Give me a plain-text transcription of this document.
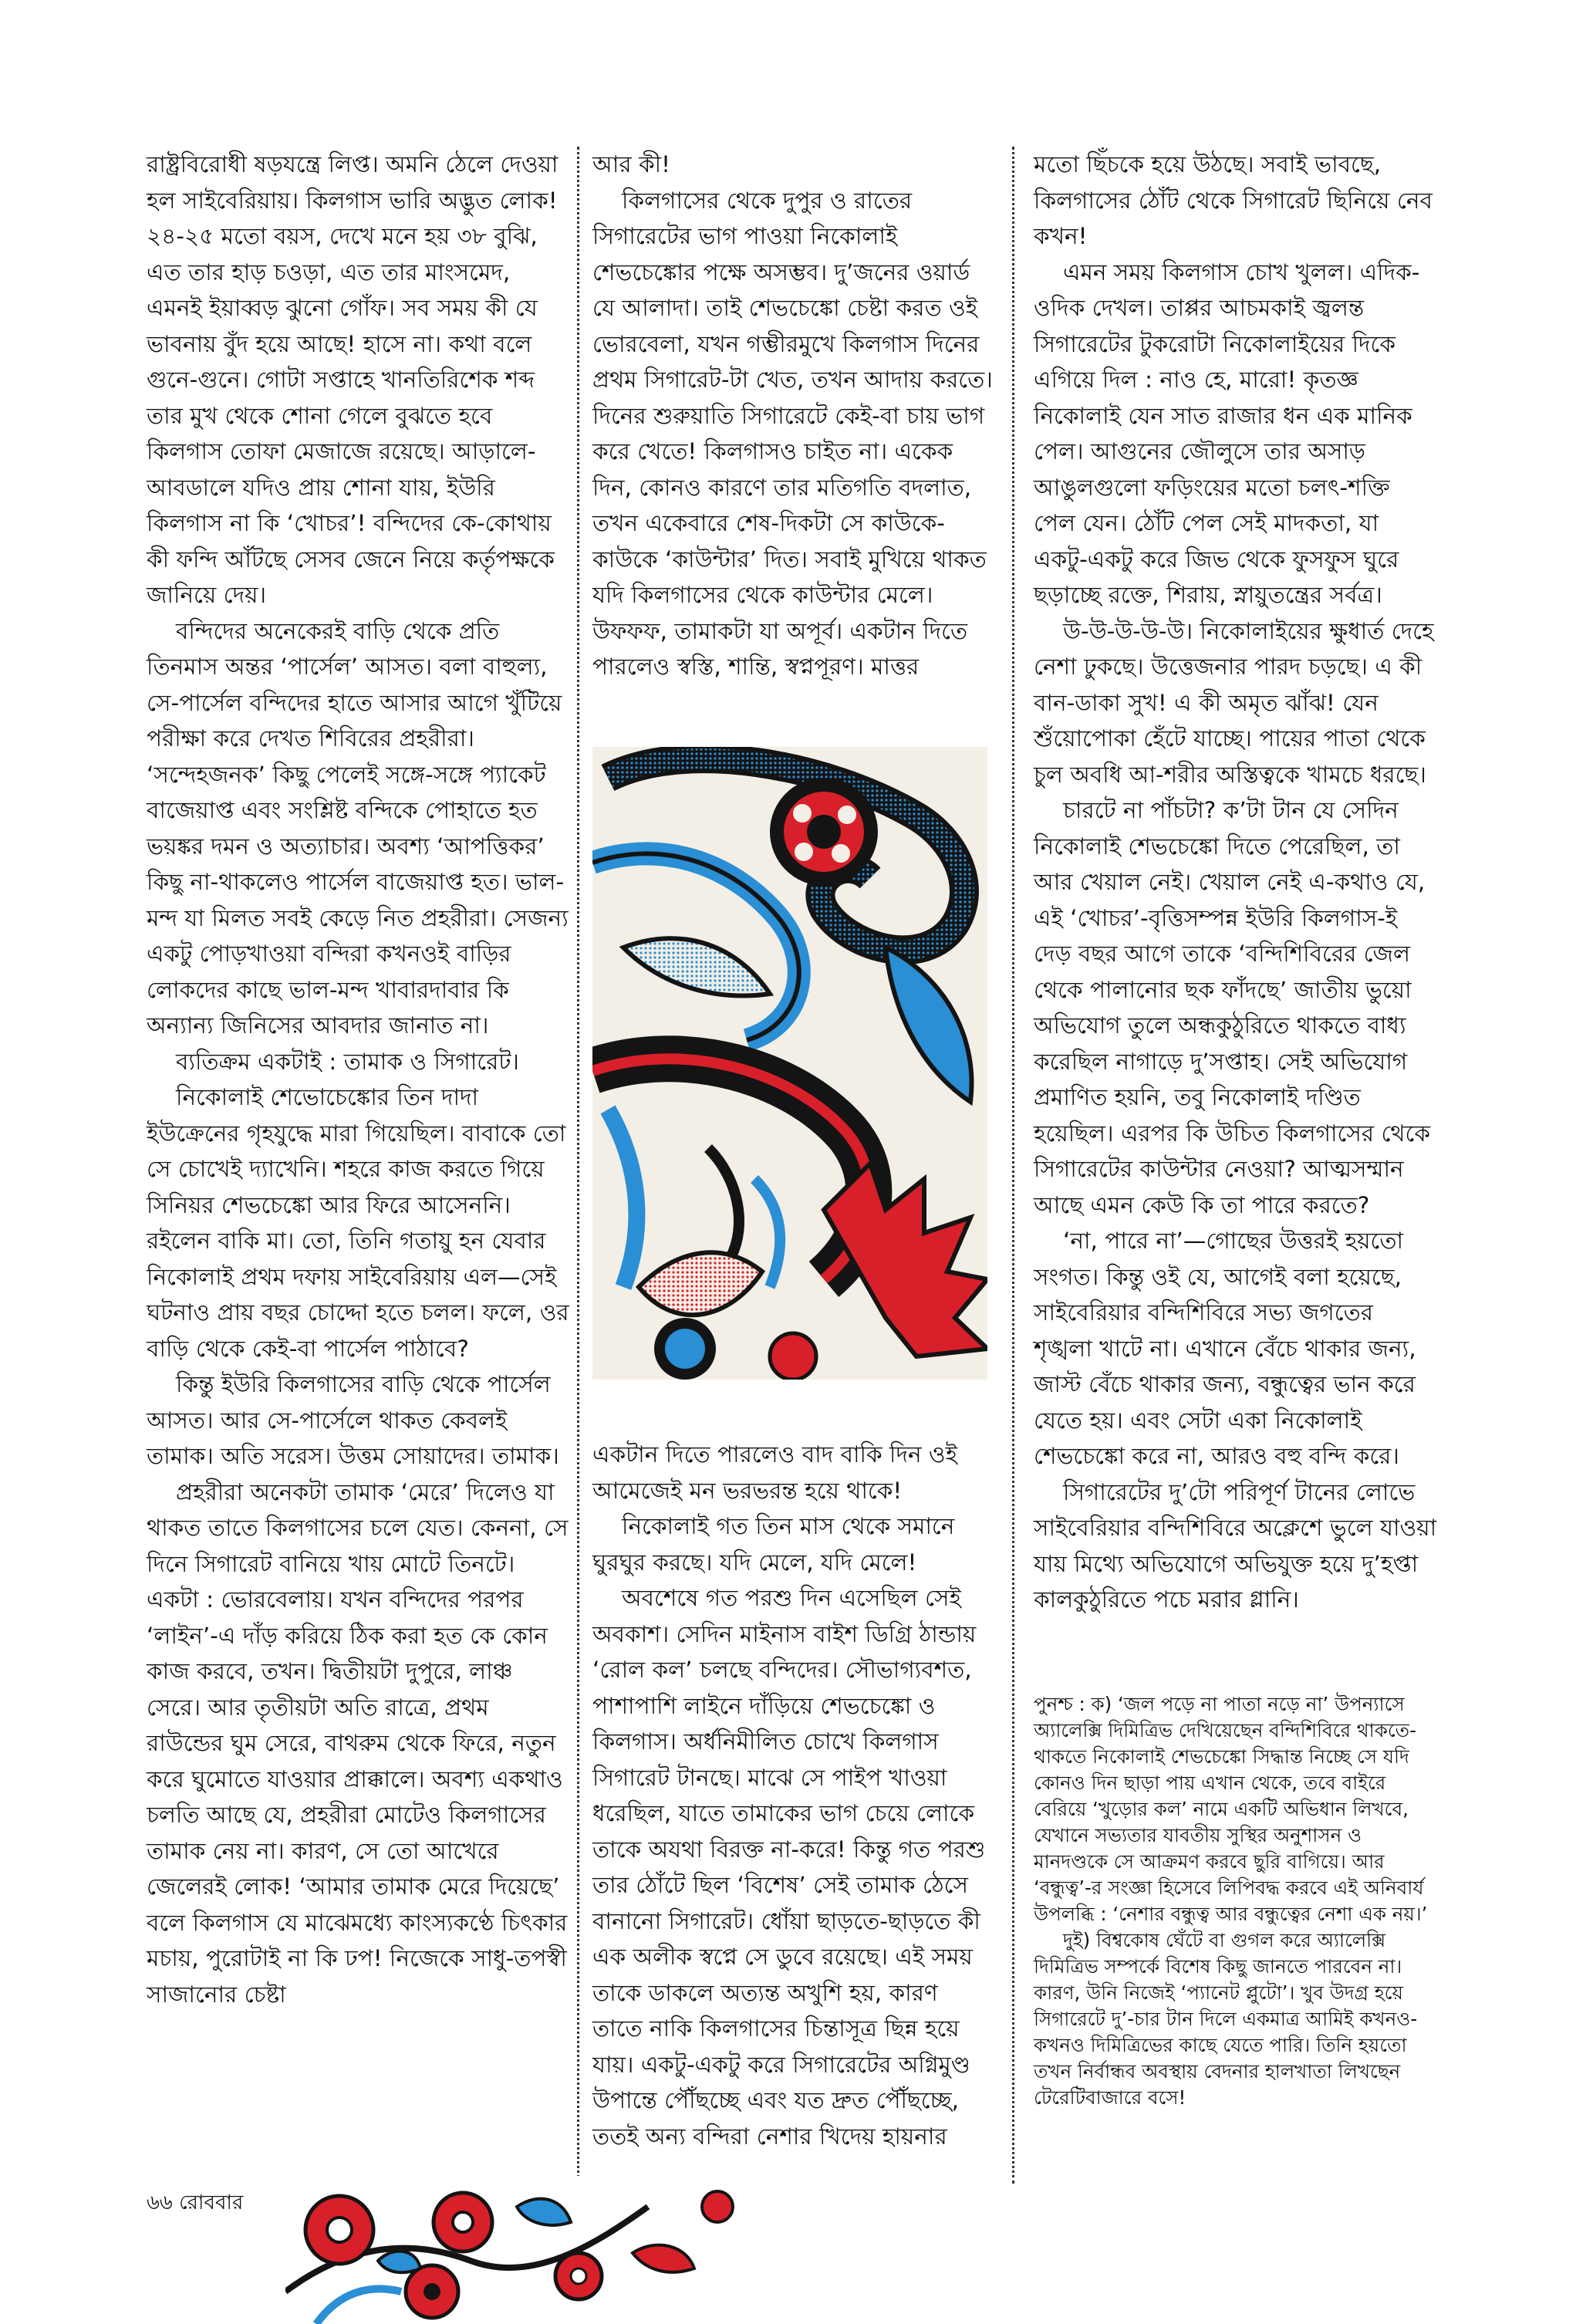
রাষ্ট্রবিরোধী ষড়যন্ত্রে লিপ্ত। অমনি ঠেলে দেওয়া হল সাইবেরিয়ায়। কিলগাস ভারি অদ্ভুত লোক! ২৪-২৫ মতো বয়স, দেখে মনে হয় ৩৮ বুঝি, এত তার হাড় চওড়া, এত তার মাংসমেদ, এমনই ইয়াব্বড় ঝুনো গোঁফ। সব সময় কী যে ভাবনায় বুঁদ হয়ে আছে! হাসে না। কথা বলে গুনে-গুনে। গোটা সপ্তাহে খানতিরিশেক শব্দ তার মুখ থেকে শোনা গেলে বুঝতে হবে কিলগাস তোফা মেজাজে রয়েছে। আড়ালে-আবডালে যদিও প্রায় শোনা যায়, ইউরি কিলগাস না কি ‘খোচর’! বন্দিদের কে-কোথায় কী ফন্দি আঁটছে সেসব জেনে নিয়ে কর্তৃপক্ষকে জানিয়ে দেয়।

বন্দিদের অনেকেরই বাড়ি থেকে প্রতি তিনমাস অন্তর ‘পার্সেল’ আসত। বলা বাহুল্য, সে-পার্সেল বন্দিদের হাতে আসার আগে খুঁটিয়ে পরীক্ষা করে দেখত শিবিরের প্রহরীরা। ‘সন্দেহজনক’ কিছু পেলেই সঙ্গে-সঙ্গে প্যাকেট বাজেয়াপ্ত এবং সংশ্লিষ্ট বন্দিকে পোহাতে হত ভয়ঙ্কর দমন ও অত্যাচার। অবশ্য ‘আপত্তিকর’ কিছু না-থাকলেও পার্সেল বাজেয়াপ্ত হত। ভাল-মন্দ যা মিলত সবই কেড়ে নিত প্রহরীরা। সেজন্য একটু পোড়খাওয়া বন্দিরা কখনওই বাড়ির লোকদের কাছে ভাল-মন্দ খাবারদাবার কি অন্যান্য জিনিসের আবদার জানাত না।

ব্যতিক্রম একটাই : তামাক ও সিগারেট।

নিকোলাই শেভোচেঙ্কোর তিন দাদা ইউক্রেনের গৃহযুদ্ধে মারা গিয়েছিল। বাবাকে তো সে চোখেই দ্যাখেনি। শহরে কাজ করতে গিয়ে সিনিয়র শেভচেঙ্কো আর ফিরে আসেননি। রইলেন বাকি মা। তো, তিনি গতায়ু হন যেবার নিকোলাই প্রথম দফায় সাইবেরিয়ায় এল—সেই ঘটনাও প্রায় বছর চোদ্দো হতে চলল। ফলে, ওর বাড়ি থেকে কেই-বা পার্সেল পাঠাবে?

কিন্তু ইউরি কিলগাসের বাড়ি থেকে পার্সেল আসত। আর সে-পার্সেলে থাকত কেবলই তামাক। অতি সরেস। উত্তম সোয়াদের। তামাক।

প্রহরীরা অনেকটা তামাক ‘মেরে’ দিলেও যা থাকত তাতে কিলগাসের চলে যেত। কেননা, সে দিনে সিগারেট বানিয়ে খায় মোটে তিনটে। একটা : ভোরবেলায়। যখন বন্দিদের পরপর ‘লাইন’-এ দাঁড় করিয়ে ঠিক করা হত কে কোন কাজ করবে, তখন। দ্বিতীয়টা দুপুরে, লাঞ্চ সেরে। আর তৃতীয়টা অতি রাত্রে, প্রথম রাউন্ডের ঘুম সেরে, বাথরুম থেকে ফিরে, নতুন করে ঘুমোতে যাওয়ার প্রাক্কালে। অবশ্য একথাও চলতি আছে যে, প্রহরীরা মোটেও কিলগাসের তামাক নেয় না। কারণ, সে তো আখেরে জেলেরই লোক! ‘আমার তামাক মেরে দিয়েছে’ বলে কিলগাস যে মাঝেমধ্যে কাংস্যকণ্ঠে চিৎকার মচায়, পুরোটাই না কি ঢপ! নিজেকে সাধু-তপস্বী সাজানোর চেষ্টা

আর কী!

কিলগাসের থেকে দুপুর ও রাতের সিগারেটের ভাগ পাওয়া নিকোলাই শেভচেঙ্কোর পক্ষে অসম্ভব। দু’জনের ওয়ার্ড যে আলাদা। তাই শেভচেঙ্কো চেষ্টা করত ওই ভোরবেলা, যখন গম্ভীরমুখে কিলগাস দিনের প্রথম সিগারেট-টা খেত, তখন আদায় করতে। দিনের শুরুয়াতি সিগারেটে কেই-বা চায় ভাগ করে খেতে! কিলগাসও চাইত না। একেক দিন, কোনও কারণে তার মতিগতি বদলাত, তখন একেবারে শেষ-দিকটা সে কাউকে-কাউকে ‘কাউন্টার’ দিত। সবাই মুখিয়ে থাকত যদি কিলগাসের থেকে কাউন্টার মেলে। উফফফ, তামাকটা যা অপূর্ব। একটান দিতে পারলেও স্বস্তি, শান্তি, স্বপ্নপূরণ। মাত্তর

একটান দিতে পারলেও বাদ বাকি দিন ওই আমেজেই মন ভরভরন্ত হয়ে থাকে!

নিকোলাই গত তিন মাস থেকে সমানে ঘুরঘুর করছে। যদি মেলে, যদি মেলে!

অবশেষে গত পরশু দিন এসেছিল সেই অবকাশ। সেদিন মাইনাস বাইশ ডিগ্রি ঠান্ডায় ‘রোল কল’ চলছে বন্দিদের। সৌভাগ্যবশত, পাশাপাশি লাইনে দাঁড়িয়ে শেভচেঙ্কো ও কিলগাস। অর্ধনিমীলিত চোখে কিলগাস সিগারেট টানছে। মাঝে সে পাইপ খাওয়া ধরেছিল, যাতে তামাকের ভাগ চেয়ে লোকে তাকে অযথা বিরক্ত না-করে! কিন্তু গত পরশু তার ঠোঁটে ছিল ‘বিশেষ’ সেই তামাক ঠেসে বানানো সিগারেট। ধোঁয়া ছাড়তে-ছাড়তে কী এক অলীক স্বপ্নে সে ডুবে রয়েছে। এই সময় তাকে ডাকলে অত্যন্ত অখুশি হয়, কারণ তাতে নাকি কিলগাসের চিন্তাসূত্র ছিন্ন হয়ে যায়। একটু-একটু করে সিগারেটের অগ্নিমুণ্ড উপান্তে পৌঁছচ্ছে এবং যত দ্রুত পৌঁছচ্ছে, ততই অন্য বন্দিরা নেশার খিদেয় হায়নার

মতো ছিঁচকে হয়ে উঠছে। সবাই ভাবছে, কিলগাসের ঠোঁট থেকে সিগারেট ছিনিয়ে নেব কখন!

এমন সময় কিলগাস চোখ খুলল। এদিক-ওদিক দেখল। তাপ্পর আচমকাই জ্বলন্ত সিগারেটের টুকরোটা নিকোলাইয়ের দিকে এগিয়ে দিল : নাও হে, মারো! কৃতজ্ঞ নিকোলাই যেন সাত রাজার ধন এক মানিক পেল। আগুনের জৌলুসে তার অসাড় আঙুলগুলো ফড়িংয়ের মতো চলৎ-শক্তি পেল যেন। ঠোঁট পেল সেই মাদকতা, যা একটু-একটু করে জিভ থেকে ফুসফুস ঘুরে ছড়াচ্ছে রক্তে, শিরায়, স্নায়ুতন্ত্রের সর্বত্র।

উ-উ-উ-উ-উ। নিকোলাইয়ের ক্ষুধার্ত দেহে নেশা ঢুকছে। উত্তেজনার পারদ চড়ছে। এ কী বান-ডাকা সুখ! এ কী অমৃত ঝাঁঝ! যেন শুঁয়োপোকা হেঁটে যাচ্ছে। পায়ের পাতা থেকে চুল অবধি আ-শরীর অস্তিত্বকে খামচে ধরছে।

চারটে না পাঁচটা? ক’টা টান যে সেদিন নিকোলাই শেভচেঙ্কো দিতে পেরেছিল, তা আর খেয়াল নেই। খেয়াল নেই এ-কথাও যে, এই ‘খোচর’-বৃত্তিসম্পন্ন ইউরি কিলগাস-ই দেড় বছর আগে তাকে ‘বন্দিশিবিরের জেল থেকে পালানোর ছক ফাঁদছে’ জাতীয় ভুয়ো অভিযোগ তুলে অন্ধকুঠুরিতে থাকতে বাধ্য করেছিল নাগাড়ে দু’সপ্তাহ। সেই অভিযোগ প্রমাণিত হয়নি, তবু নিকোলাই দণ্ডিত হয়েছিল। এরপর কি উচিত কিলগাসের থেকে সিগারেটের কাউন্টার নেওয়া? আত্মসম্মান আছে এমন কেউ কি তা পারে করতে?

‘না, পারে না’—গোছের উত্তরই হয়তো সংগত। কিন্তু ওই যে, আগেই বলা হয়েছে, সাইবেরিয়ার বন্দিশিবিরে সভ্য জগতের শৃঙ্খলা খাটে না। এখানে বেঁচে থাকার জন্য, জাস্ট বেঁচে থাকার জন্য, বন্ধুত্বের ভান করে যেতে হয়। এবং সেটা একা নিকোলাই শেভচেঙ্কো করে না, আরও বহু বন্দি করে।

সিগারেটের দু’টো পরিপূর্ণ টানের লোভে সাইবেরিয়ার বন্দিশিবিরে অক্লেশে ভুলে যাওয়া যায় মিথ্যে অভিযোগে অভিযুক্ত হয়ে দু’হপ্তা কালকুঠুরিতে পচে মরার গ্লানি।

পুনশ্চ : ক) ‘জল পড়ে না পাতা নড়ে না’ উপন্যাসে অ্যালেক্সি দিমিত্রিভ দেখিয়েছেন বন্দিশিবিরে থাকতে-থাকতে নিকোলাই শেভচেঙ্কো সিদ্ধান্ত নিচ্ছে সে যদি কোনও দিন ছাড়া পায় এখান থেকে, তবে বাইরে বেরিয়ে ‘খুড়োর কল’ নামে একটি অভিধান লিখবে, যেখানে সভ্যতার যাবতীয় সুস্থির অনুশাসন ও মানদণ্ডকে সে আক্রমণ করবে ছুরি বাগিয়ে। আর ‘বন্ধুত্ব’-র সংজ্ঞা হিসেবে লিপিবদ্ধ করবে এই অনিবার্য উপলব্ধি : ‘নেশার বন্ধুত্ব আর বন্ধুত্বের নেশা এক নয়।’

দুই) বিশ্বকোষ ঘেঁটে বা গুগল করে অ্যালেক্সি দিমিত্রিভ সম্পর্কে বিশেষ কিছু জানতে পারবেন না। কারণ, উনি নিজেই ‘প্যানেট প্লুটো’। খুব উদগ্র হয়ে সিগারেটে দু’-চার টান দিলে একমাত্র আমিই কখনও-কখনও দিমিত্রিভের কাছে যেতে পারি। তিনি হয়তো তখন নির্বান্ধব অবস্থায় বেদনার হালখাতা লিখছেন টেরেটিবাজারে বসে!

৬৬ রোববার
